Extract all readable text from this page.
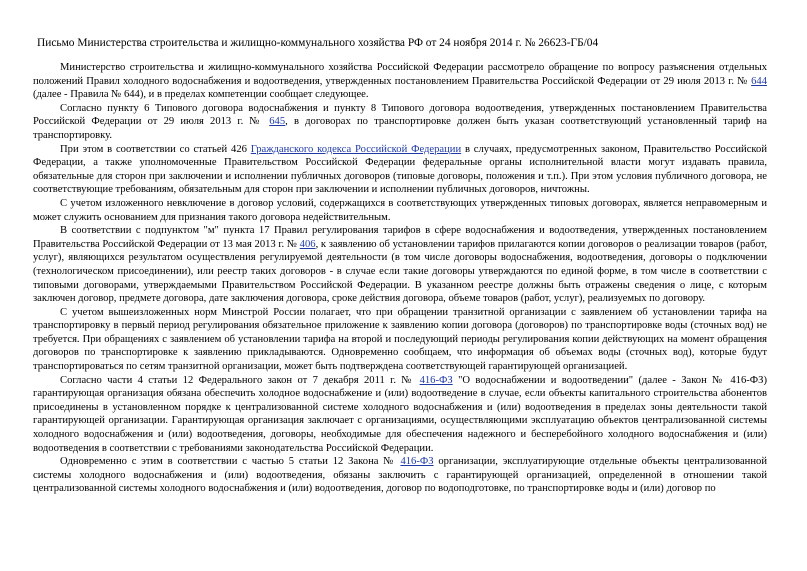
Письмо Министерства строительства и жилищно-коммунального хозяйства РФ от 24 ноября 2014 г. № 26623-ГБ/04

Министерство строительства и жилищно-коммунального хозяйства Российской Федерации рассмотрело обращение по вопросу разъяснения отдельных положений Правил холодного водоснабжения и водоотведения, утвержденных постановлением Правительства Российской Федерации от 29 июля 2013 г. № 644 (далее - Правила № 644), и в пределах компетенции сообщает следующее.

Согласно пункту 6 Типового договора водоснабжения и пункту 8 Типового договора водоотведения, утвержденных постановлением Правительства Российской Федерации от 29 июля 2013 г. № 645, в договорах по транспортировке должен быть указан соответствующий установленный тариф на транспортировку.

При этом в соответствии со статьей 426 Гражданского кодекса Российской Федерации в случаях, предусмотренных законом, Правительство Российской Федерации, а также уполномоченные Правительством Российской Федерации федеральные органы исполнительной власти могут издавать правила, обязательные для сторон при заключении и исполнении публичных договоров (типовые договоры, положения и т.п.). При этом условия публичного договора, не соответствующие требованиям, обязательным для сторон при заключении и исполнении публичных договоров, ничтожны.

С учетом изложенного невключение в договор условий, содержащихся в соответствующих утвержденных типовых договорах, является неправомерным и может служить основанием для признания такого договора недействительным.

В соответствии с подпунктом "м" пункта 17 Правил регулирования тарифов в сфере водоснабжения и водоотведения, утвержденных постановлением Правительства Российской Федерации от 13 мая 2013 г. № 406, к заявлению об установлении тарифов прилагаются копии договоров о реализации товаров (работ, услуг), являющихся результатом осуществления регулируемой деятельности (в том числе договоры водоснабжения, водоотведения, договоры о подключении (технологическом присоединении), или реестр таких договоров - в случае если такие договоры утверждаются по единой форме, в том числе в соответствии с типовыми договорами, утверждаемыми Правительством Российской Федерации. В указанном реестре должны быть отражены сведения о лице, с которым заключен договор, предмете договора, дате заключения договора, сроке действия договора, объеме товаров (работ, услуг), реализуемых по договору.

С учетом вышеизложенных норм Минстрой России полагает, что при обращении транзитной организации с заявлением об установлении тарифа на транспортировку в первый период регулирования обязательное приложение к заявлению копии договора (договоров) по транспортировке воды (сточных вод) не требуется. При обращениях с заявлением об установлении тарифа на второй и последующий периоды регулирования копии действующих на момент обращения договоров по транспортировке к заявлению прикладываются. Одновременно сообщаем, что информация об объемах воды (сточных вод), которые будут транспортироваться по сетям транзитной организации, может быть подтверждена соответствующей гарантирующей организацией.

Согласно части 4 статьи 12 Федерального закон от 7 декабря 2011 г. № 416-ФЗ "О водоснабжении и водоотведении" (далее - Закон № 416-ФЗ) гарантирующая организация обязана обеспечить холодное водоснабжение и (или) водоотведение в случае, если объекты капитального строительства абонентов присоединены в установленном порядке к централизованной системе холодного водоснабжения и (или) водоотведения в пределах зоны деятельности такой гарантирующей организации. Гарантирующая организация заключает с организациями, осуществляющими эксплуатацию объектов централизованной системы холодного водоснабжения и (или) водоотведения, договоры, необходимые для обеспечения надежного и бесперебойного холодного водоснабжения и (или) водоотведения в соответствии с требованиями законодательства Российской Федерации.

Одновременно с этим в соответствии с частью 5 статьи 12 Закона № 416-ФЗ организации, эксплуатирующие отдельные объекты централизованной системы холодного водоснабжения и (или) водоотведения, обязаны заключить с гарантирующей организацией, определенной в отношении такой централизованной системы холодного водоснабжения и (или) водоотведения, договор по водоподготовке, по транспортировке воды и (или) договор по
